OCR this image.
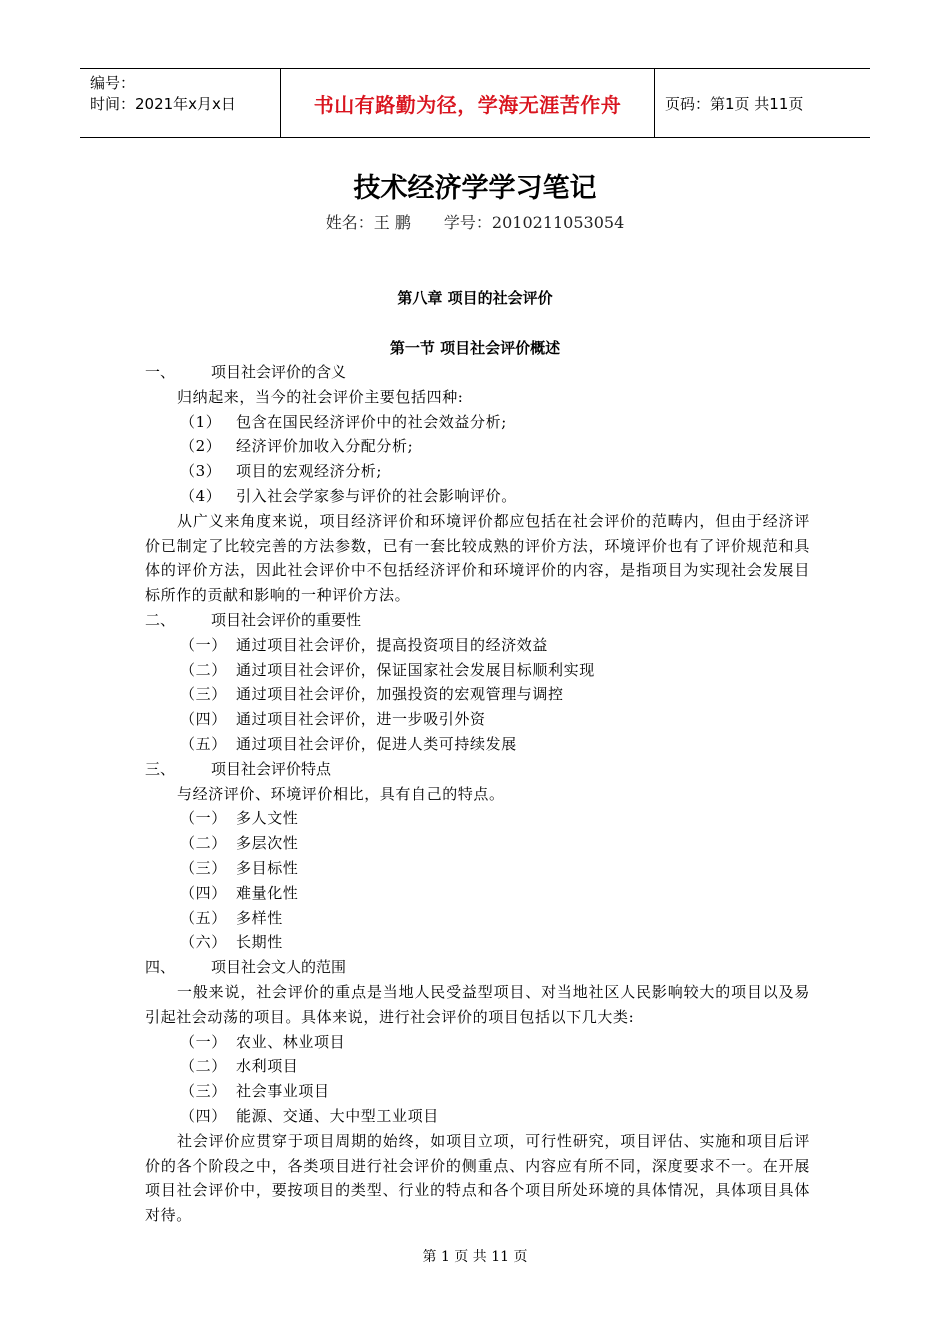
编号：
时间：2021年x月x日	书山有路勤为径，学海无涯苦作舟	页码：第1页 共11页
技术经济学学习笔记
姓名：王 鹏 学号：2010211053054
第八章 项目的社会评价
第一节 项目社会评价概述
一、	项目社会评价的含义
归纳起来，当今的社会评价主要包括四种:
（1） 包含在国民经济评价中的社会效益分析;
（2） 经济评价加收入分配分析;
（3） 项目的宏观经济分析;
（4） 引入社会学家参与评价的社会影响评价。
从广义来角度来说，项目经济评价和环境评价都应包括在社会评价的范畴内，但由于经济评价已制定了比较完善的方法参数，已有一套比较成熟的评价方法，环境评价也有了评价规范和具体的评价方法，因此社会评价中不包括经济评价和环境评价的内容，是指项目为实现社会发展目标所作的贡献和影响的一种评价方法。
二、	项目社会评价的重要性
（一） 通过项目社会评价，提高投资项目的经济效益
（二） 通过项目社会评价，保证国家社会发展目标顺利实现
（三） 通过项目社会评价，加强投资的宏观管理与调控
（四） 通过项目社会评价，进一步吸引外资
（五） 通过项目社会评价，促进人类可持续发展
三、	项目社会评价特点
与经济评价、环境评价相比，具有自己的特点。
（一） 多人文性
（二） 多层次性
（三） 多目标性
（四） 难量化性
（五） 多样性
（六） 长期性
四、	项目社会文人的范围
一般来说，社会评价的重点是当地人民受益型项目、对当地社区人民影响较大的项目以及易引起社会动荡的项目。具体来说，进行社会评价的项目包括以下几大类:
（一） 农业、林业项目
（二） 水利项目
（三） 社会事业项目
（四） 能源、交通、大中型工业项目
社会评价应贯穿于项目周期的始终，如项目立项，可行性研究，项目评估、实施和项目后评价的各个阶段之中，各类项目进行社会评价的侧重点、内容应有所不同，深度要求不一。在开展项目社会评价中，要按项目的类型、行业的特点和各个项目所处环境的具体情况，具体项目具体对待。
第 1 页 共 11 页
